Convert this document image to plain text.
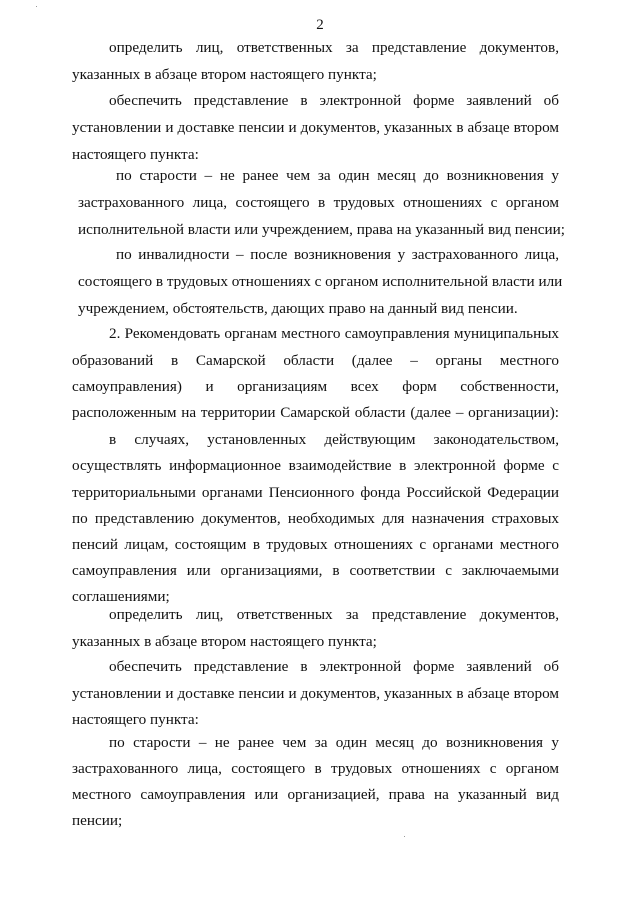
2
определить лиц, ответственных за представление документов,
указанных в абзаце втором настоящего пункта;
обеспечить представление в электронной форме заявлений об
установлении и доставке пенсии и документов, указанных в абзаце втором
настоящего пункта:
по старости – не ранее чем за один месяц до возникновения у
застрахованного лица, состоящего в трудовых отношениях с органом
исполнительной власти или учреждением, права на указанный вид пенсии;
по инвалидности – после возникновения у застрахованного лица,
состоящего в трудовых отношениях с органом исполнительной власти или
учреждением, обстоятельств, дающих право на данный вид пенсии.
2. Рекомендовать органам местного самоуправления муниципальных
образований в Самарской области (далее – органы местного
самоуправления) и организациям всех форм собственности,
расположенным на территории Самарской области (далее – организации):
в случаях, установленных действующим законодательством,
осуществлять информационное взаимодействие в электронной форме с
территориальными органами Пенсионного фонда Российской Федерации
по представлению документов, необходимых для назначения страховых
пенсий лицам, состоящим в трудовых отношениях с органами местного
самоуправления или организациями, в соответствии с заключаемыми
соглашениями;
определить лиц, ответственных за представление документов,
указанных в абзаце втором настоящего пункта;
обеспечить представление в электронной форме заявлений об
установлении и доставке пенсии и документов, указанных в абзаце втором
настоящего пункта:
по старости – не ранее чем за один месяц до возникновения у
застрахованного лица, состоящего в трудовых отношениях с органом
местного самоуправления или организацией, права на указанный вид
пенсии;
